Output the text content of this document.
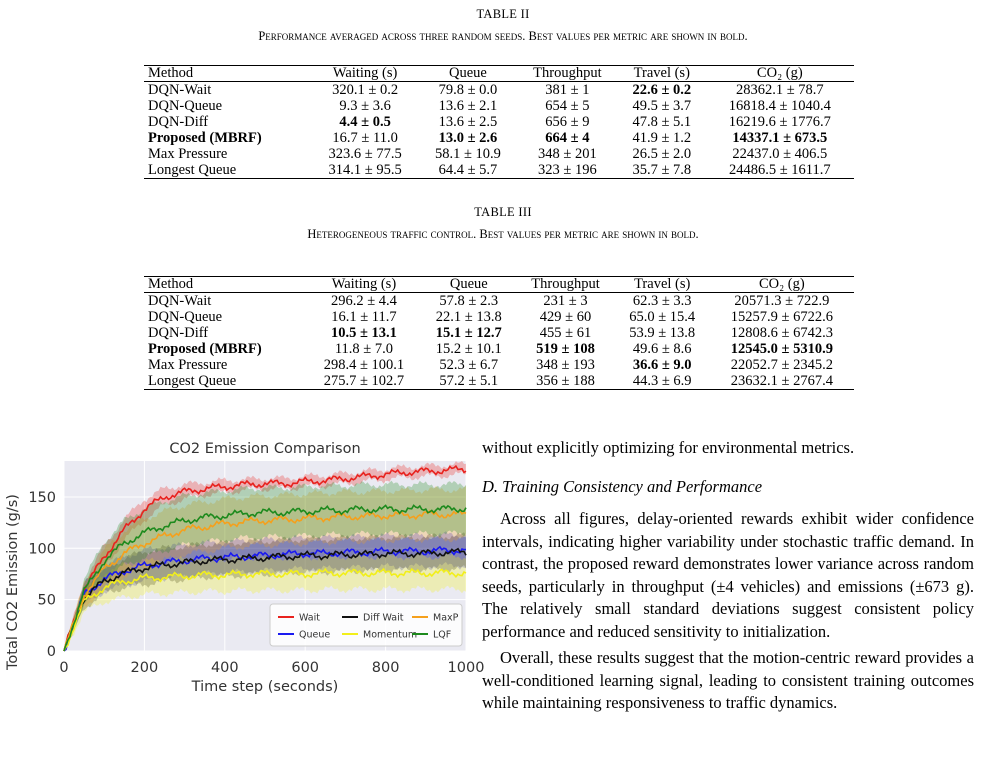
TABLE II
Performance averaged across three random seeds. Best values per metric are shown in bold.
Method	Waiting (s)	Queue	Throughput	Travel (s)	CO₂ (g)
DQN-Wait	320.1 ± 0.2	79.8 ± 0.0	381 ± 1	22.6 ± 0.2	28362.1 ± 78.7
DQN-Queue	9.3 ± 3.6	13.6 ± 2.1	654 ± 5	49.5 ± 3.7	16818.4 ± 1040.4
DQN-Diff	4.4 ± 0.5	13.6 ± 2.5	656 ± 9	47.8 ± 5.1	16219.6 ± 1776.7
Proposed (MBRF)	16.7 ± 11.0	13.0 ± 2.6	664 ± 4	41.9 ± 1.2	14337.1 ± 673.5
Max Pressure	323.6 ± 77.5	58.1 ± 10.9	348 ± 201	26.5 ± 2.0	22437.0 ± 406.5
Longest Queue	314.1 ± 95.5	64.4 ± 5.7	323 ± 196	35.7 ± 7.8	24486.5 ± 1611.7
TABLE III
Heterogeneous traffic control. Best values per metric are shown in bold.
Method	Waiting (s)	Queue	Throughput	Travel (s)	CO₂ (g)
DQN-Wait	296.2 ± 4.4	57.8 ± 2.3	231 ± 3	62.3 ± 3.3	20571.3 ± 722.9
DQN-Queue	16.1 ± 11.7	22.1 ± 13.8	429 ± 60	65.0 ± 15.4	15257.9 ± 6722.6
DQN-Diff	10.5 ± 13.1	15.1 ± 12.7	455 ± 61	53.9 ± 13.8	12808.6 ± 6742.3
Proposed (MBRF)	11.8 ± 7.0	15.2 ± 10.1	519 ± 108	49.6 ± 8.6	12545.0 ± 5310.9
Max Pressure	298.4 ± 100.1	52.3 ± 6.7	348 ± 193	36.6 ± 9.0	22052.7 ± 2345.2
Longest Queue	275.7 ± 102.7	57.2 ± 5.1	356 ± 188	44.3 ± 6.9	23632.1 ± 2767.4
0	200	400	600	800	1000
0
50
100
150
CO2 Emission Comparison
Time step (seconds)
Total CO2 Emission (g/s)	Wait
Queue
Diff Wait
Momentum
MaxP
LQF

without explicitly optimizing for environmental metrics.

D. Training Consistency and Performance

Across all figures, delay-oriented rewards exhibit wider confidence intervals, indicating higher variability under stochastic traffic demand. In contrast, the proposed reward demonstrates lower variance across random seeds, particularly in throughput (±4 vehicles) and emissions (±673 g). The relatively small standard deviations suggest consistent policy performance and reduced sensitivity to initialization.

Overall, these results suggest that the motion-centric reward provides a well-conditioned learning signal, leading to consistent training outcomes while maintaining responsiveness to traffic dynamics.
